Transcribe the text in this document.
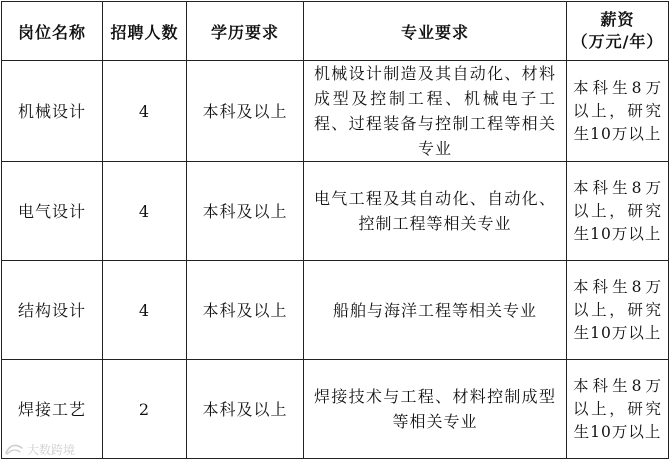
岗位名称	招聘人数	学历要求	专业要求	薪资
（万元/年）

机械设计	4	本科及以上	机械设计制造及其自动化、材料成型及控制工程、机械电子工程、过程装备与控制工程等相关专业	本科生8万以上，研究生10万以上

电气设计	4	本科及以上	电气工程及其自动化、自动化、控制工程等相关专业	本科生8万以上，研究生10万以上

结构设计	4	本科及以上	船舶与海洋工程等相关专业	本科生8万以上，研究生10万以上

焊接工艺	2	本科及以上	焊接技术与工程、材料控制成型等相关专业	本科生8万以上，研究生10万以上
大数跨境
